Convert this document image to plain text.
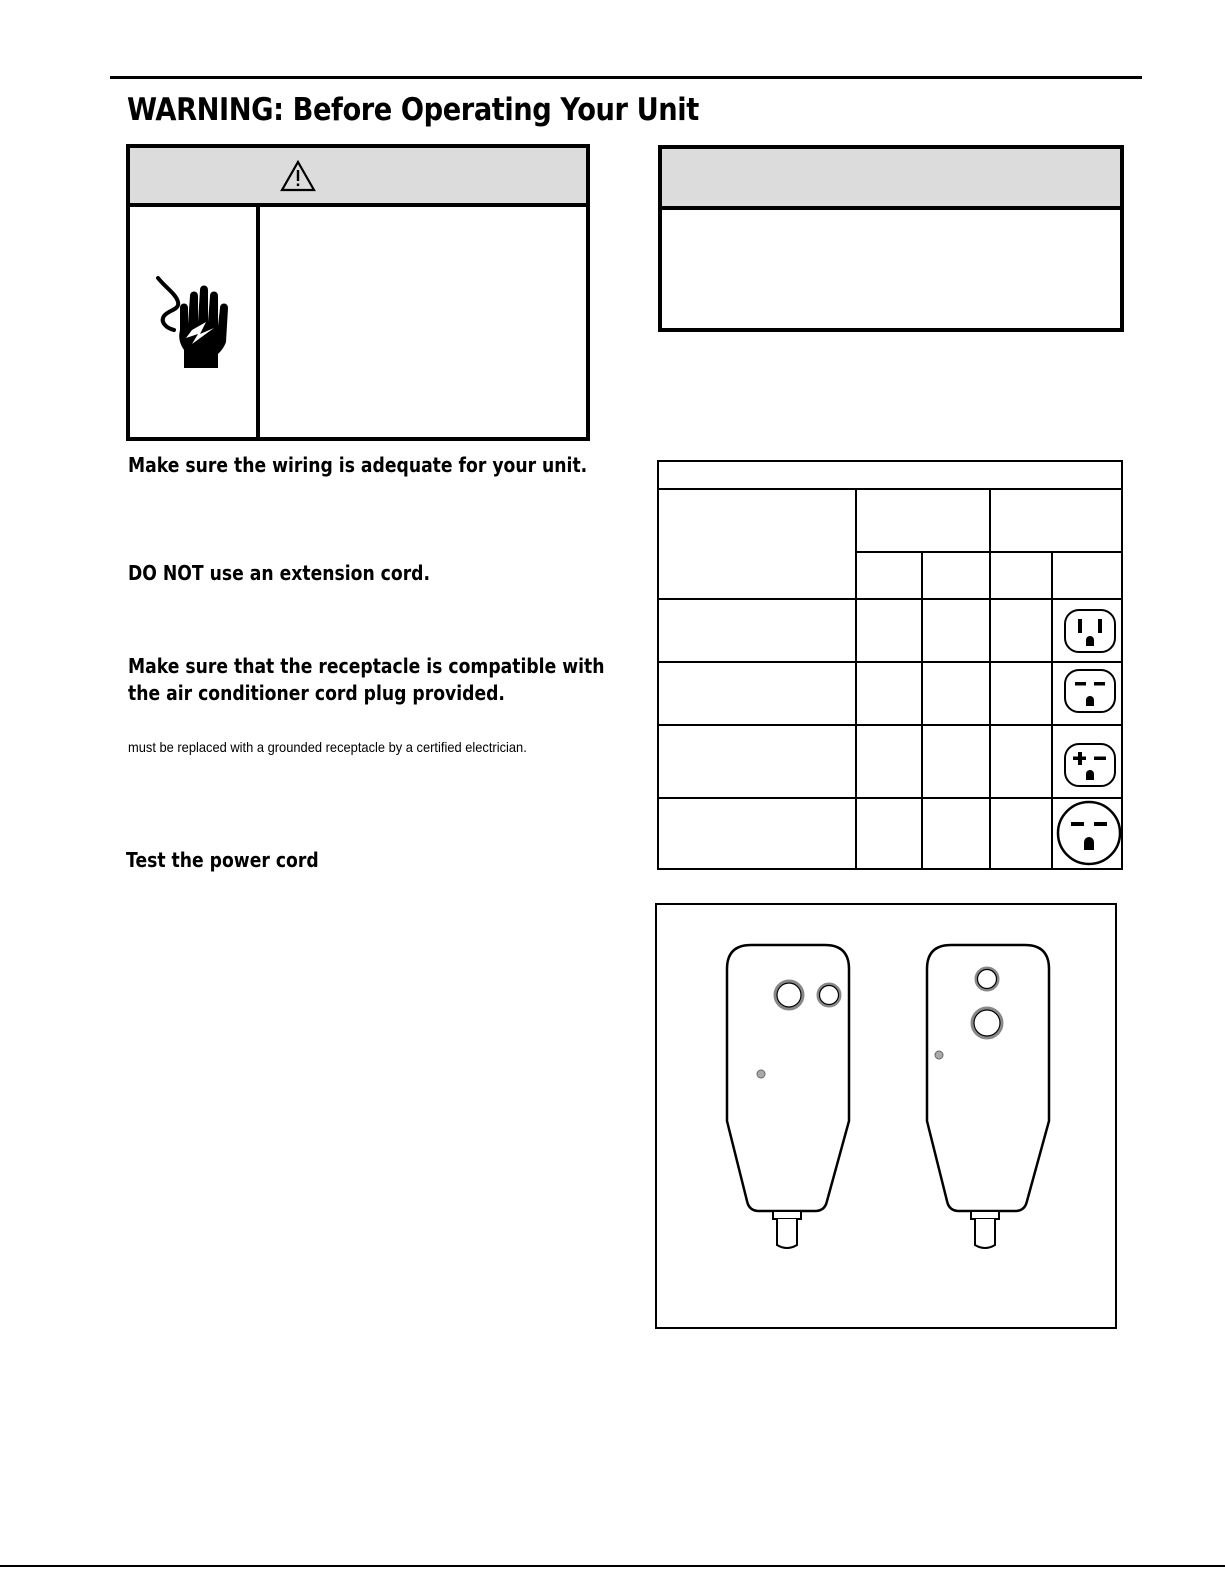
WARNING: Before Operating Your Unit
Make sure the wiring is adequate for your unit.
DO NOT use an extension cord.
Make sure that the receptacle is compatible with
the air conditioner cord plug provided.
must be replaced with a grounded receptacle by a certified electrician.
Test the power cord
